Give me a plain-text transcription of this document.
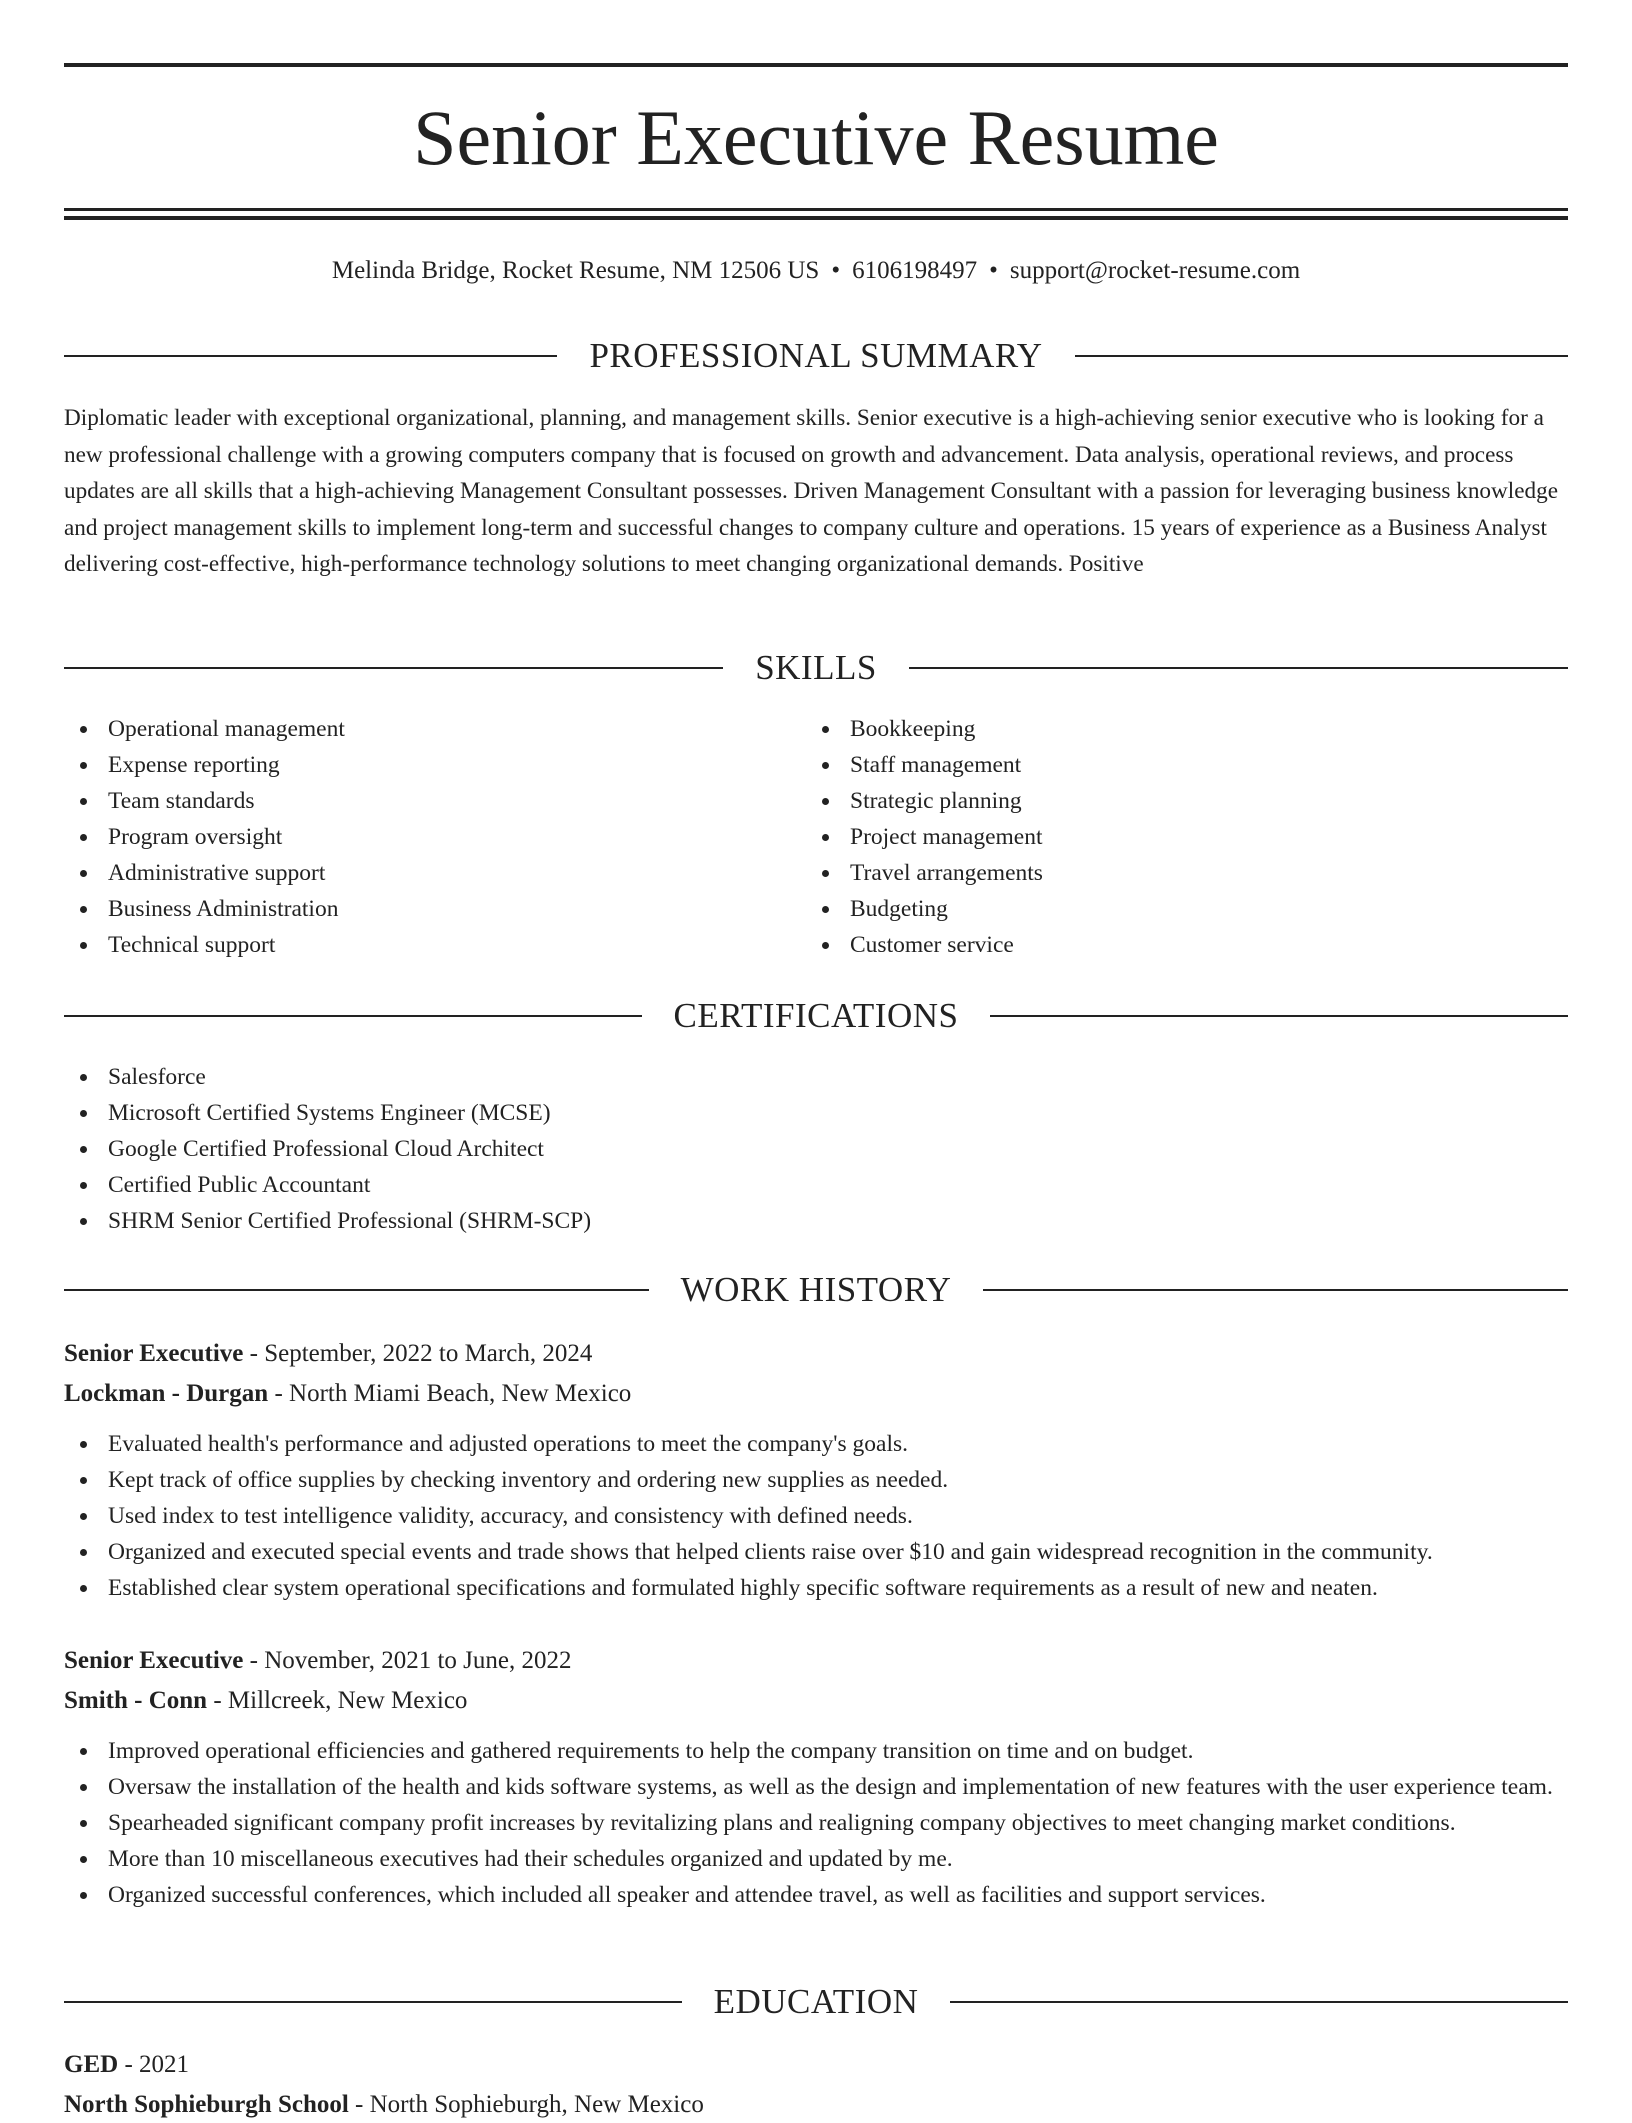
Senior Executive Resume
Melinda Bridge, Rocket Resume, NM 12506 US • 6106198497 • support@rocket-resume.com
PROFESSIONAL SUMMARY

Diplomatic leader with exceptional organizational, planning, and management skills. Senior executive is a high-achieving senior executive who is looking for a new professional challenge with a growing computers company that is focused on growth and advancement. Data analysis, operational reviews, and process updates are all skills that a high-achieving Management Consultant possesses. Driven Management Consultant with a passion for leveraging business knowledge and project management skills to implement long-term and successful changes to company culture and operations. 15 years of experience as a Business Analyst delivering cost-effective, high-performance technology solutions to meet changing organizational demands. Positive

SKILLS
Operational management
Expense reporting
Team standards
Program oversight
Administrative support
Business Administration
Technical support
Bookkeeping
Staff management
Strategic planning
Project management
Travel arrangements
Budgeting
Customer service
CERTIFICATIONS
Salesforce
Microsoft Certified Systems Engineer (MCSE)
Google Certified Professional Cloud Architect
Certified Public Accountant
SHRM Senior Certified Professional (SHRM-SCP)
WORK HISTORY

Senior Executive - September, 2022 to March, 2024

Lockman - Durgan - North Miami Beach, New Mexico

Evaluated health's performance and adjusted operations to meet the company's goals.
Kept track of office supplies by checking inventory and ordering new supplies as needed.
Used index to test intelligence validity, accuracy, and consistency with defined needs.
Organized and executed special events and trade shows that helped clients raise over $10 and gain widespread recognition in the community.
Established clear system operational specifications and formulated highly specific software requirements as a result of new and neaten.

Senior Executive - November, 2021 to June, 2022

Smith - Conn - Millcreek, New Mexico

Improved operational efficiencies and gathered requirements to help the company transition on time and on budget.
Oversaw the installation of the health and kids software systems, as well as the design and implementation of new features with the user experience team.
Spearheaded significant company profit increases by revitalizing plans and realigning company objectives to meet changing market conditions.
More than 10 miscellaneous executives had their schedules organized and updated by me.
Organized successful conferences, which included all speaker and attendee travel, as well as facilities and support services.
EDUCATION

GED - 2021

North Sophieburgh School - North Sophieburgh, New Mexico
